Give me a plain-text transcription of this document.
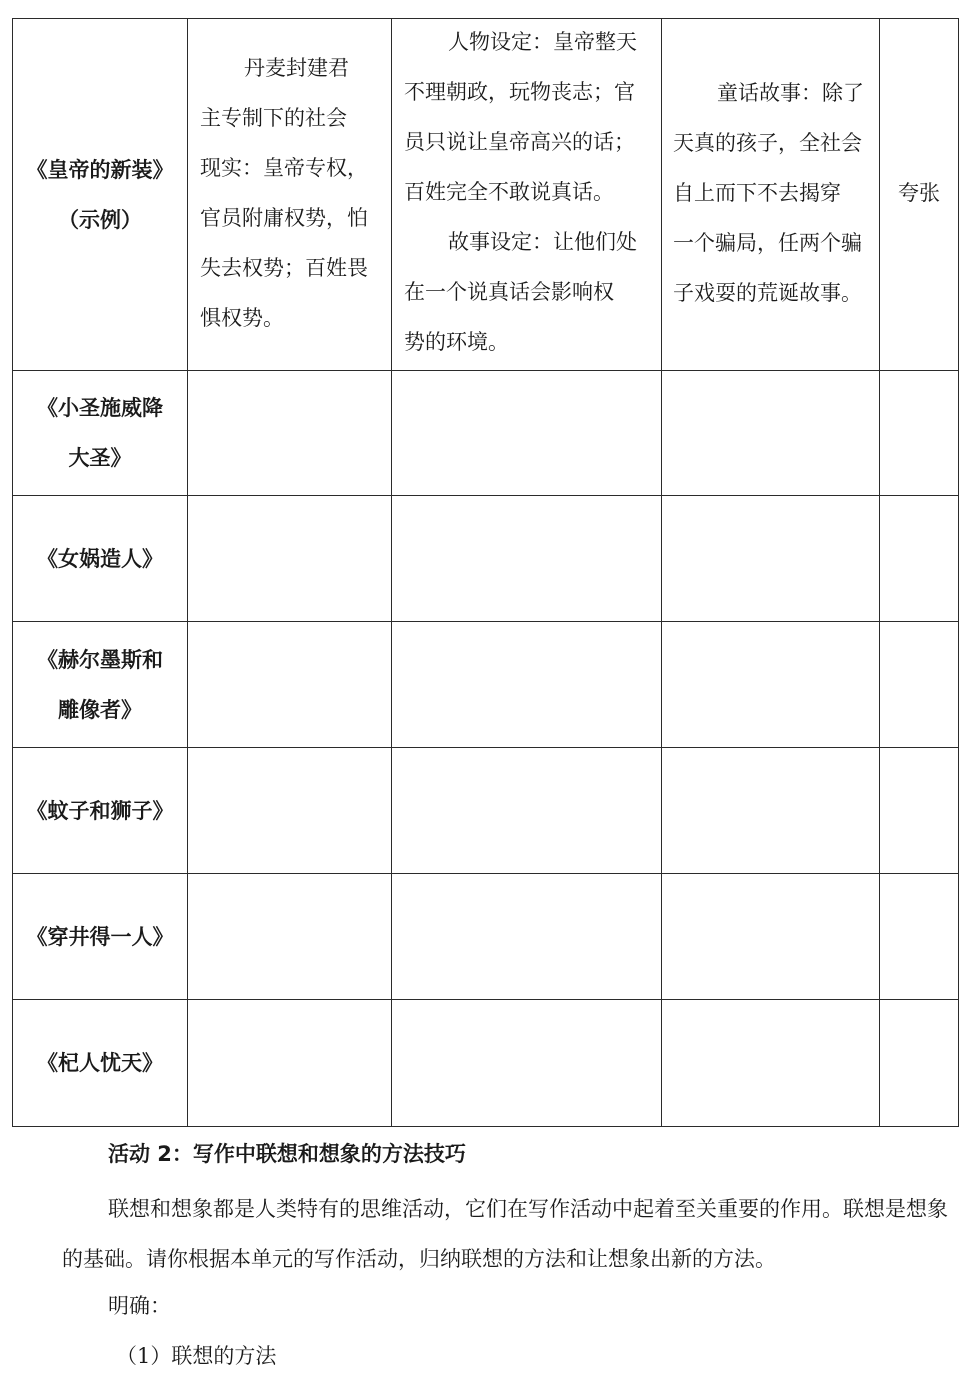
《皇帝的新装》
（示例）
丹麦封建君
主专制下的社会
现实：皇帝专权，
官员附庸权势，怕
失去权势；百姓畏
惧权势。
人物设定：皇帝整天
不理朝政，玩物丧志；官
员只说让皇帝高兴的话；
百姓完全不敢说真话。
故事设定：让他们处
在一个说真话会影响权
势的环境。
童话故事：除了
天真的孩子，全社会
自上而下不去揭穿
一个骗局，任两个骗
子戏耍的荒诞故事。
夸张
《小圣施威降
大圣》
《女娲造人》
《赫尔墨斯和
雕像者》
《蚊子和狮子》
《穿井得一人》
《杞人忧天》
活动 2：写作中联想和想象的方法技巧

联想和想象都是人类特有的思维活动，它们在写作活动中起着至关重要的作用。联想是想象的基础。请你根据本单元的写作活动，归纳联想的方法和让想象出新的方法。

明确：
（1）联想的方法
